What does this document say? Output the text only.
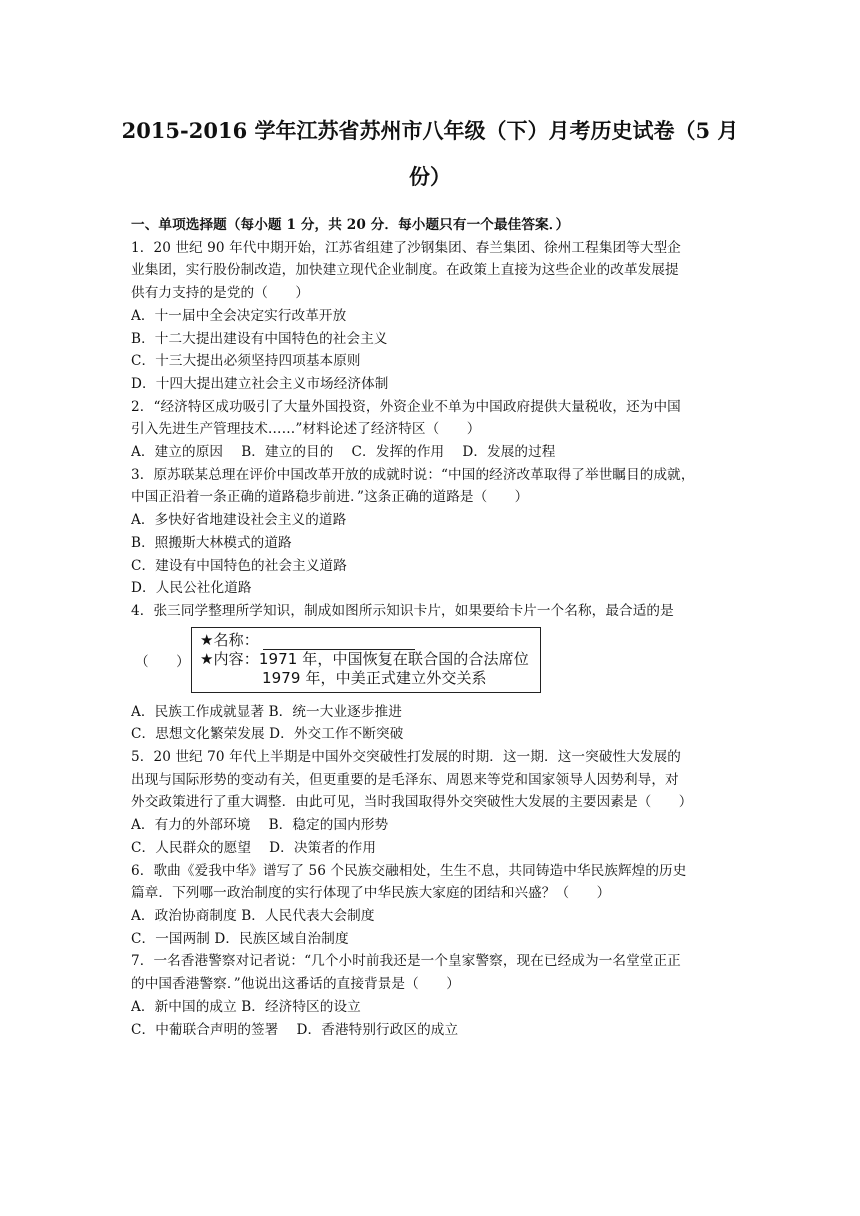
2015-2016 学年江苏省苏州市八年级（下）月考历史试卷（5 月
份）
一、单项选择题（每小题 1 分，共 20 分．每小题只有一个最佳答案．）
1．20 世纪 90 年代中期开始，江苏省组建了沙钢集团、春兰集团、徐州工程集团等大型企
业集团，实行股份制改造，加快建立现代企业制度。在政策上直接为这些企业的改革发展提
供有力支持的是党的（　　）
A．十一届中全会决定实行改革开放
B．十二大提出建设有中国特色的社会主义
C．十三大提出必须坚持四项基本原则
D．十四大提出建立社会主义市场经济体制
2．“经济特区成功吸引了大量外国投资，外资企业不单为中国政府提供大量税收，还为中国
引入先进生产管理技术……”材料论述了经济特区（　　）
A．建立的原因　 B．建立的目的　 C．发挥的作用　 D．发展的过程
3．原苏联某总理在评价中国改革开放的成就时说：“中国的经济改革取得了举世瞩目的成就，
中国正沿着一条正确的道路稳步前进．”这条正确的道路是（　　）
A．多快好省地建设社会主义的道路
B．照搬斯大林模式的道路
C．建设有中国特色的社会主义道路
D．人民公社化道路
4．张三同学整理所学知识，制成如图所示知识卡片，如果要给卡片一个名称，最合适的是
（　　）
★名称：
★内容： 1971 年，中国恢复在联合国的合法席位
1979 年，中美正式建立外交关系
A．民族工作成就显著 B．统一大业逐步推进
C．思想文化繁荣发展 D．外交工作不断突破
5．20 世纪 70 年代上半期是中国外交突破性打发展的时期．这一期．这一突破性大发展的
出现与国际形势的变动有关，但更重要的是毛泽东、周恩来等党和国家领导人因势利导，对
外交政策进行了重大调整．由此可见，当时我国取得外交突破性大发展的主要因素是（　　）
A．有力的外部环境　 B．稳定的国内形势
C．人民群众的愿望　 D．决策者的作用
6．歌曲《爱我中华》谱写了 56 个民族交融相处，生生不息，共同铸造中华民族辉煌的历史
篇章．下列哪一政治制度的实行体现了中华民族大家庭的团结和兴盛？（　　）
A．政治协商制度 B．人民代表大会制度
C．一国两制 D．民族区域自治制度
7．一名香港警察对记者说：“几个小时前我还是一个皇家警察，现在已经成为一名堂堂正正
的中国香港警察．”他说出这番话的直接背景是（　　）
A．新中国的成立 B．经济特区的设立
C．中葡联合声明的签署　 D．香港特别行政区的成立
